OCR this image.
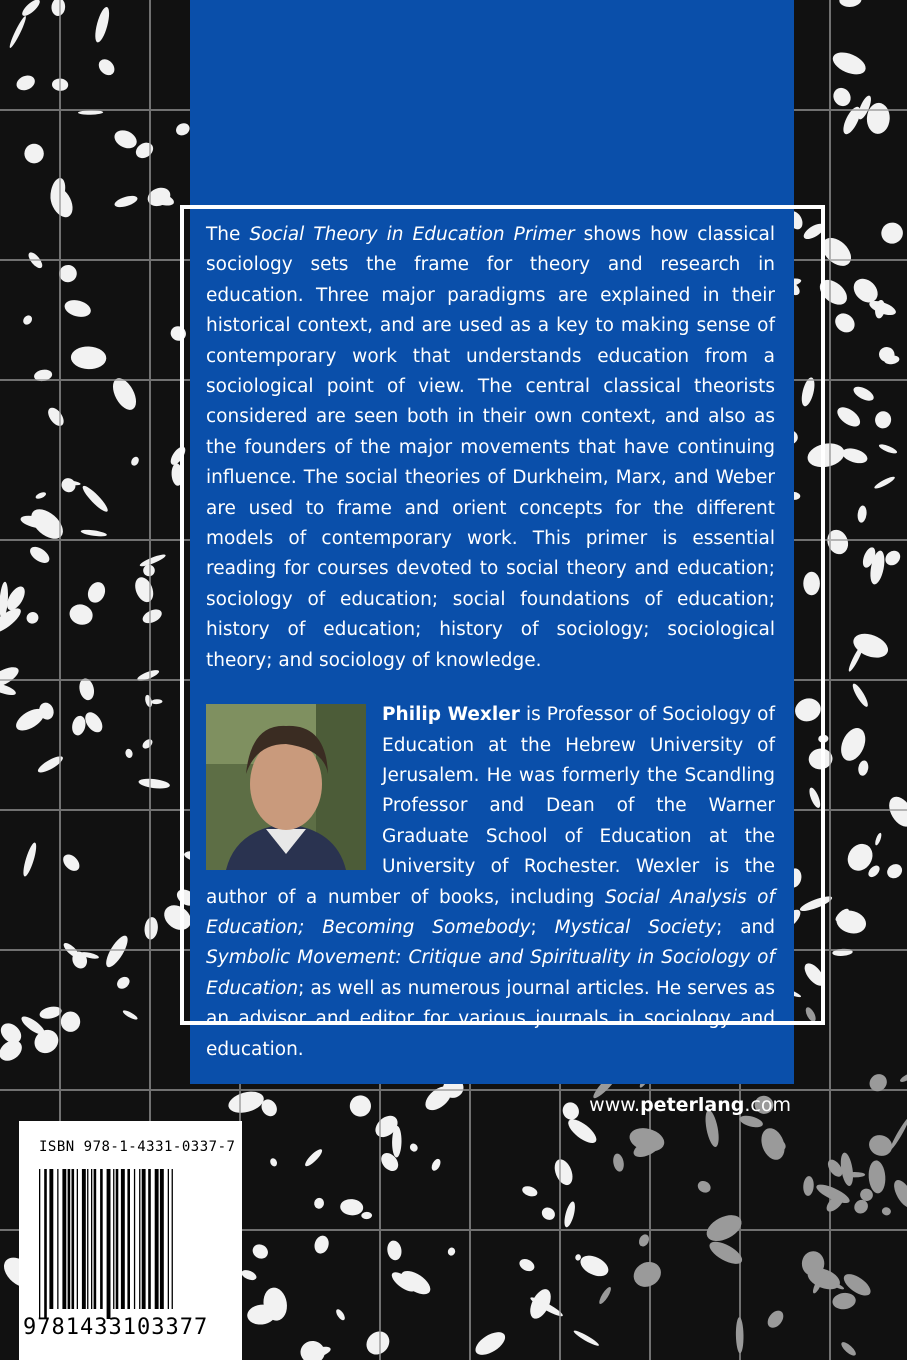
The Social Theory in Education Primer shows how classical sociology sets the frame for theory and research in education. Three major paradigms are explained in their historical context, and are used as a key to making sense of contemporary work that understands education from a sociological point of view. The central classical theorists considered are seen both in their own context, and also as the founders of the major movements that have continuing influence. The social theories of Durkheim, Marx, and Weber are used to frame and orient concepts for the different models of contemporary work. This primer is essential reading for courses devoted to social theory and education; sociology of education; social foundations of education; history of education; history of sociology; sociological theory; and sociology of knowledge.

Philip Wexler is Professor of Sociology of Education at the Hebrew University of Jerusalem. He was formerly the Scandling Professor and Dean of the Warner Graduate School of Education at the University of Rochester. Wexler is the author of a number of books, including Social Analysis of Education; Becoming Somebody; Mystical Society; and Symbolic Movement: Critique and Spirituality in Sociology of Education; as well as numerous journal articles. He serves as an advisor and editor for various journals in sociology and education.

www.peterlang.com
ISBN 978-1-4331-0337-7
9781433103377
